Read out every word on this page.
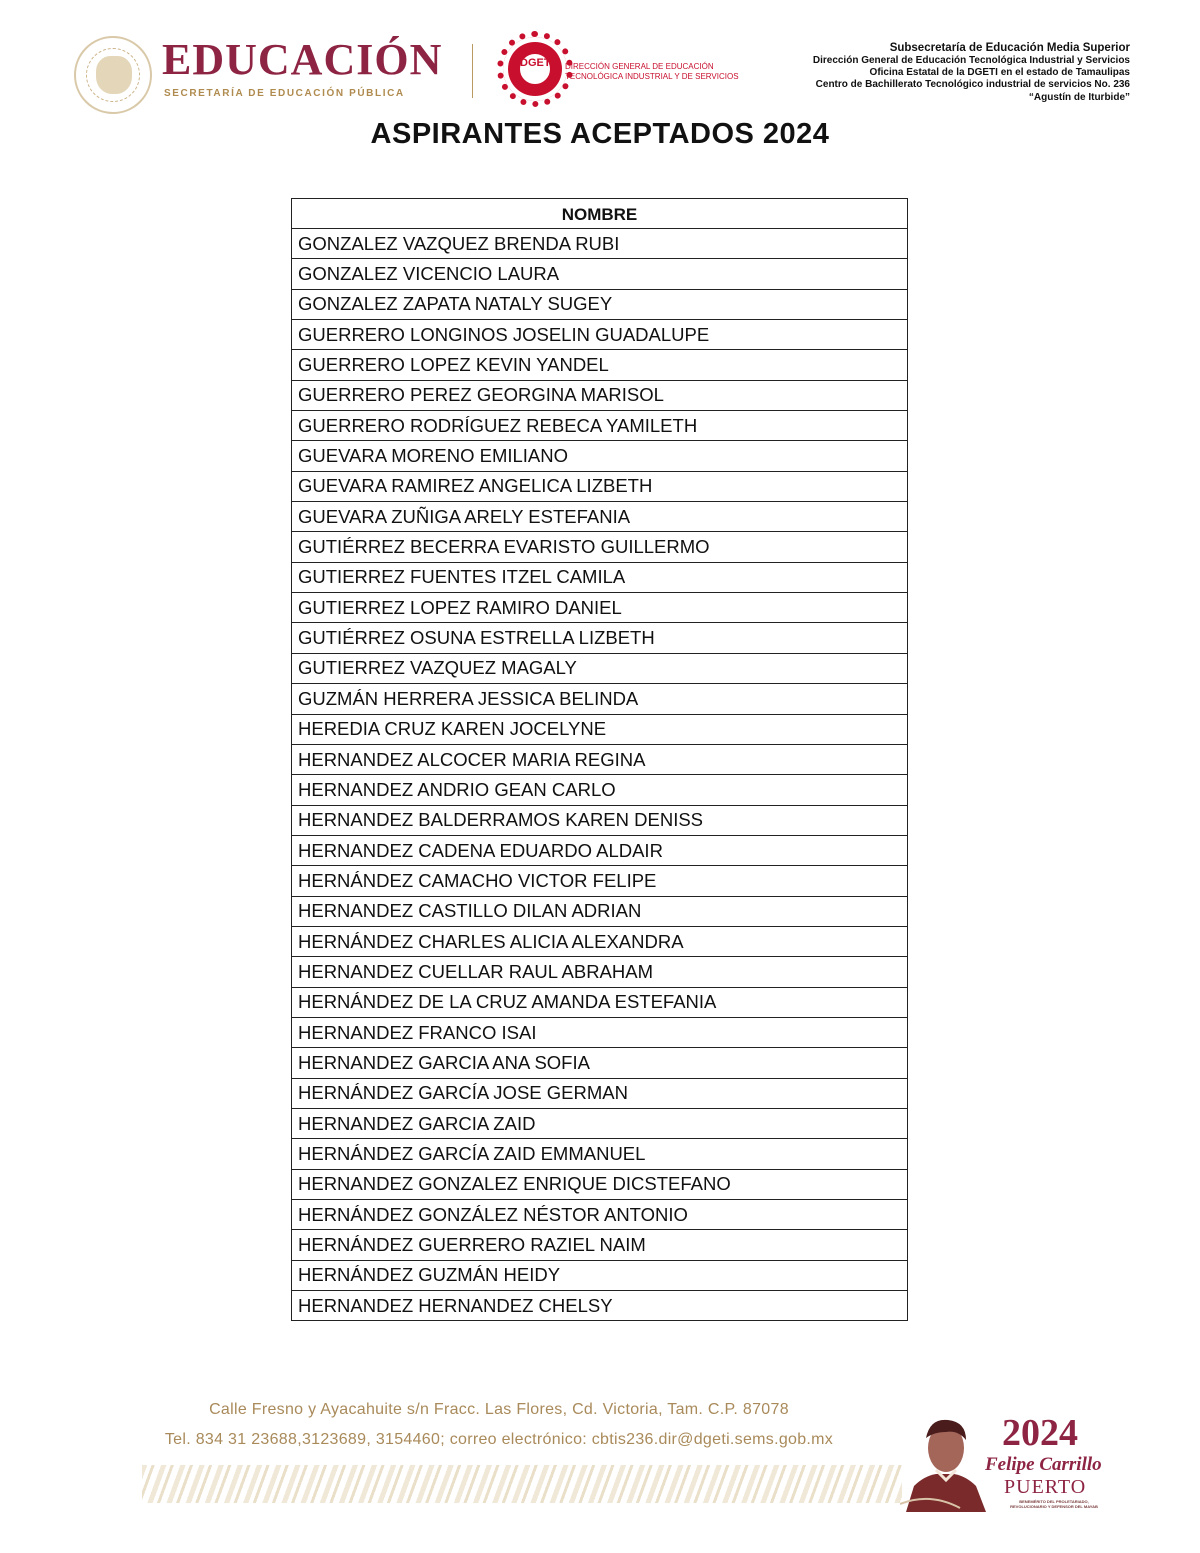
EDUCACIÓN
SECRETARÍA DE EDUCACIÓN PÚBLICA
DGETI DIRECCIÓN GENERAL DE EDUCACIÓN
TECNOLÓGICA INDUSTRIAL Y DE SERVICIOS
Subsecretaría de Educación Media Superior
Dirección General de Educación Tecnológica Industrial y Servicios
Oficina Estatal de la DGETI en el estado de Tamaulipas
Centro de Bachillerato Tecnológico industrial de servicios No. 236
“Agustín de Iturbide”
ASPIRANTES ACEPTADOS 2024
NOMBRE
GONZALEZ VAZQUEZ BRENDA RUBI
GONZALEZ VICENCIO LAURA
GONZALEZ ZAPATA NATALY SUGEY
GUERRERO LONGINOS JOSELIN GUADALUPE
GUERRERO LOPEZ KEVIN YANDEL
GUERRERO PEREZ GEORGINA MARISOL
GUERRERO RODRÍGUEZ REBECA YAMILETH
GUEVARA MORENO EMILIANO
GUEVARA RAMIREZ ANGELICA LIZBETH
GUEVARA ZUÑIGA ARELY ESTEFANIA
GUTIÉRREZ BECERRA EVARISTO GUILLERMO
GUTIERREZ FUENTES ITZEL CAMILA
GUTIERREZ LOPEZ RAMIRO DANIEL
GUTIÉRREZ OSUNA ESTRELLA LIZBETH
GUTIERREZ VAZQUEZ MAGALY
GUZMÁN HERRERA JESSICA BELINDA
HEREDIA CRUZ KAREN JOCELYNE
HERNANDEZ ALCOCER MARIA REGINA
HERNANDEZ ANDRIO GEAN CARLO
HERNANDEZ BALDERRAMOS KAREN DENISS
HERNANDEZ CADENA EDUARDO ALDAIR
HERNÁNDEZ CAMACHO VICTOR FELIPE
HERNANDEZ CASTILLO DILAN ADRIAN
HERNÁNDEZ CHARLES ALICIA ALEXANDRA
HERNANDEZ CUELLAR RAUL ABRAHAM
HERNÁNDEZ DE LA CRUZ AMANDA ESTEFANIA
HERNANDEZ FRANCO ISAI
HERNANDEZ GARCIA ANA SOFIA
HERNÁNDEZ GARCÍA JOSE GERMAN
HERNANDEZ GARCIA ZAID
HERNÁNDEZ GARCÍA ZAID EMMANUEL
HERNANDEZ GONZALEZ ENRIQUE DICSTEFANO
HERNÁNDEZ GONZÁLEZ NÉSTOR ANTONIO
HERNÁNDEZ GUERRERO RAZIEL NAIM
HERNÁNDEZ GUZMÁN HEIDY
HERNANDEZ HERNANDEZ CHELSY
Calle Fresno y Ayacahuite s/n Fracc. Las Flores, Cd. Victoria, Tam. C.P. 87078
Tel. 834 31 23688,3123689, 3154460; correo electrónico: cbtis236.dir@dgeti.sems.gob.mx	2024
Felipe Carrillo
PUERTO
BENEMÉRITO DEL PROLETARIADO, REVOLUCIONARIO Y DEFENSOR DEL MAYAB
